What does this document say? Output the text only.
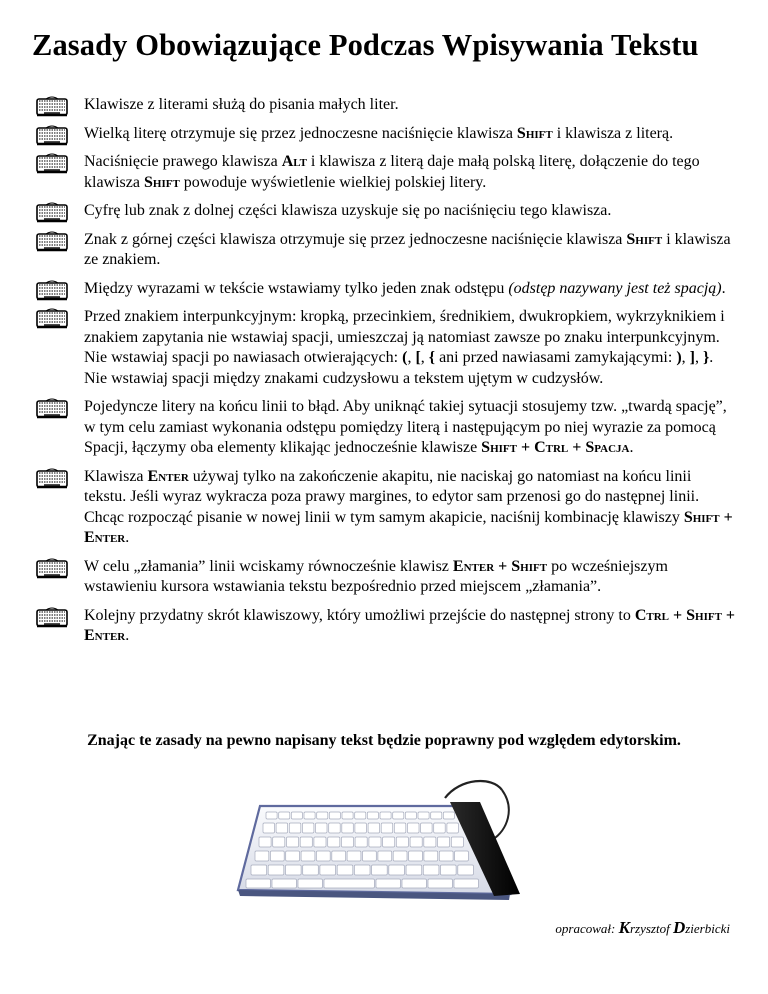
Zasady Obowiązujące Podczas Wpisywania Tekstu
Klawisze z literami służą do pisania małych liter.
Wielką literę otrzymuje się przez jednoczesne naciśnięcie klawisza Shift i klawisza z literą.
Naciśnięcie prawego klawisza Alt i klawisza z literą daje małą polską literę, dołączenie do tego klawisza Shift powoduje wyświetlenie wielkiej polskiej litery.
Cyfrę lub znak z dolnej części klawisza uzyskuje się po naciśnięciu tego klawisza.
Znak z górnej części klawisza otrzymuje się przez jednoczesne naciśnięcie klawisza Shift i klawisza ze znakiem.
Między wyrazami w tekście wstawiamy tylko jeden znak odstępu (odstęp nazywany jest też spacją).
Przed znakiem interpunkcyjnym: kropką, przecinkiem, średnikiem, dwukropkiem, wykrzyknikiem i znakiem zapytania nie wstawiaj spacji, umieszczaj ją natomiast zawsze po znaku interpunkcyjnym. Nie wstawiaj spacji po nawiasach otwierających: (, [, { ani przed nawiasami zamykającymi: ), ], }. Nie wstawiaj spacji między znakami cudzysłowu a tekstem ujętym w cudzysłów.
Pojedyncze litery na końcu linii to błąd. Aby uniknąć takiej sytuacji stosujemy tzw. „twardą spację”, w tym celu zamiast wykonania odstępu pomiędzy literą i następującym po niej wyrazie za pomocą Spacji, łączymy oba elementy klikając jednocześnie klawisze Shift + Ctrl + Spacja.
Klawisza Enter używaj tylko na zakończenie akapitu, nie naciskaj go natomiast na końcu linii tekstu. Jeśli wyraz wykracza poza prawy margines, to edytor sam przenosi go do następnej linii. Chcąc rozpocząć pisanie w nowej linii w tym samym akapicie, naciśnij kombinację klawiszy Shift + Enter.
W celu „złamania” linii wciskamy równocześnie klawisz Enter + Shift po wcześniejszym wstawieniu kursora wstawiania tekstu bezpośrednio przed miejscem „złamania”.
Kolejny przydatny skrót klawiszowy, który umożliwi przejście do następnej strony to Ctrl + Shift + Enter.
Znając te zasady na pewno napisany tekst będzie poprawny pod względem edytorskim.
opracował: Krzysztof Dzierbicki
